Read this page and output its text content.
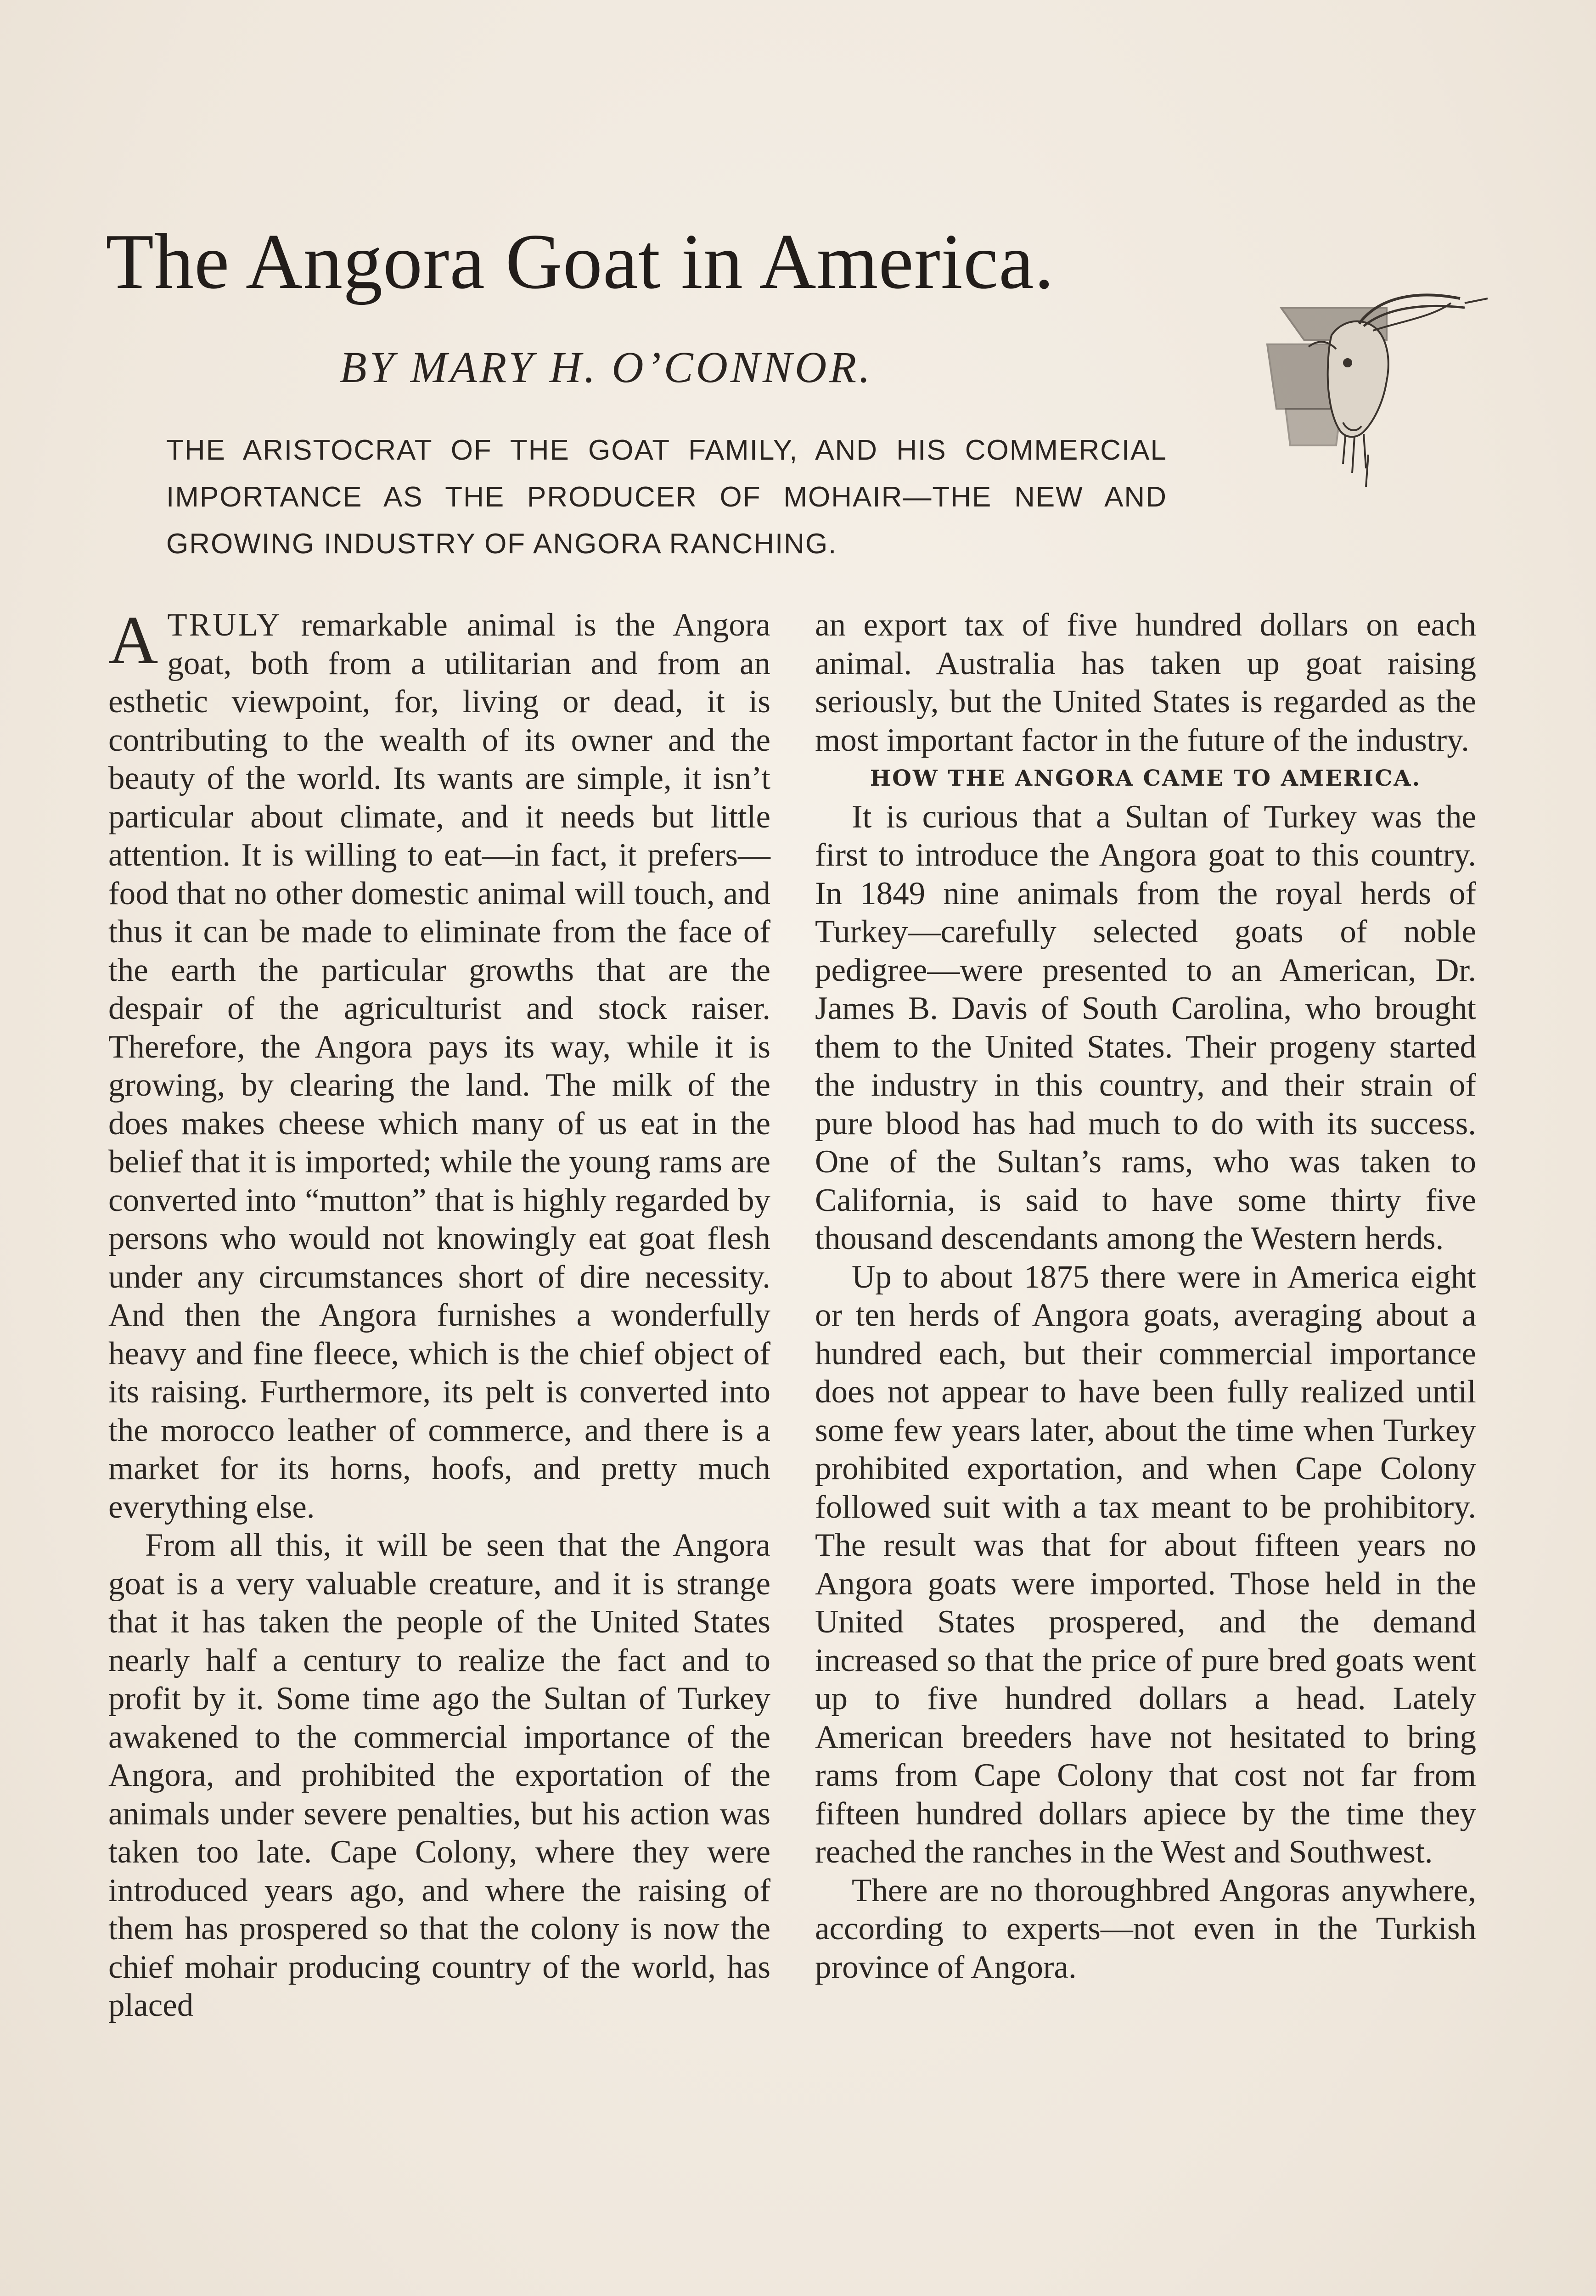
The Angora Goat in America.
BY MARY H. O’CONNOR.
THE ARISTOCRAT OF THE GOAT FAMILY, AND HIS COMMERCIAL IMPORTANCE AS THE PRODUCER OF MOHAIR—THE NEW AND GROWING INDUSTRY OF ANGORA RANCHING.

ATRULY remarkable animal is the Angora goat, both from a utilitarian and from an esthetic viewpoint, for, living or dead, it is contributing to the wealth of its owner and the beauty of the world. Its wants are simple, it isn’t particular about climate, and it needs but little attention. It is willing to eat—in fact, it prefers—food that no other domestic animal will touch, and thus it can be made to eliminate from the face of the earth the particular growths that are the despair of the agriculturist and stock raiser. Therefore, the Angora pays its way, while it is growing, by clearing the land. The milk of the does makes cheese which many of us eat in the belief that it is imported; while the young rams are converted into “mutton” that is highly regarded by persons who would not knowingly eat goat flesh under any circumstances short of dire necessity. And then the Angora furnishes a wonderfully heavy and fine fleece, which is the chief object of its raising. Furthermore, its pelt is converted into the morocco leather of commerce, and there is a market for its horns, hoofs, and pretty much everything else.

From all this, it will be seen that the Angora goat is a very valuable creature, and it is strange that it has taken the people of the United States nearly half a century to realize the fact and to profit by it. Some time ago the Sultan of Turkey awakened to the commercial importance of the Angora, and prohibited the exportation of the animals under severe penalties, but his action was taken too late. Cape Colony, where they were introduced years ago, and where the raising of them has prospered so that the colony is now the chief mohair producing country of the world, has placed

an export tax of five hundred dollars on each animal. Australia has taken up goat raising seriously, but the United States is regarded as the most important factor in the future of the industry.

HOW THE ANGORA CAME TO AMERICA.

It is curious that a Sultan of Turkey was the first to introduce the Angora goat to this country. In 1849 nine animals from the royal herds of Turkey—carefully selected goats of noble pedigree—were presented to an American, Dr. James B. Davis of South Carolina, who brought them to the United States. Their progeny started the industry in this country, and their strain of pure blood has had much to do with its success. One of the Sultan’s rams, who was taken to California, is said to have some thirty five thousand descendants among the Western herds.

Up to about 1875 there were in America eight or ten herds of Angora goats, averaging about a hundred each, but their commercial importance does not appear to have been fully realized until some few years later, about the time when Turkey prohibited exportation, and when Cape Colony followed suit with a tax meant to be prohibitory. The result was that for about fifteen years no Angora goats were imported. Those held in the United States prospered, and the demand increased so that the price of pure bred goats went up to five hundred dollars a head. Lately American breeders have not hesitated to bring rams from Cape Colony that cost not far from fifteen hundred dollars apiece by the time they reached the ranches in the West and Southwest.

There are no thoroughbred Angoras anywhere, according to experts—not even in the Turkish province of Angora.
